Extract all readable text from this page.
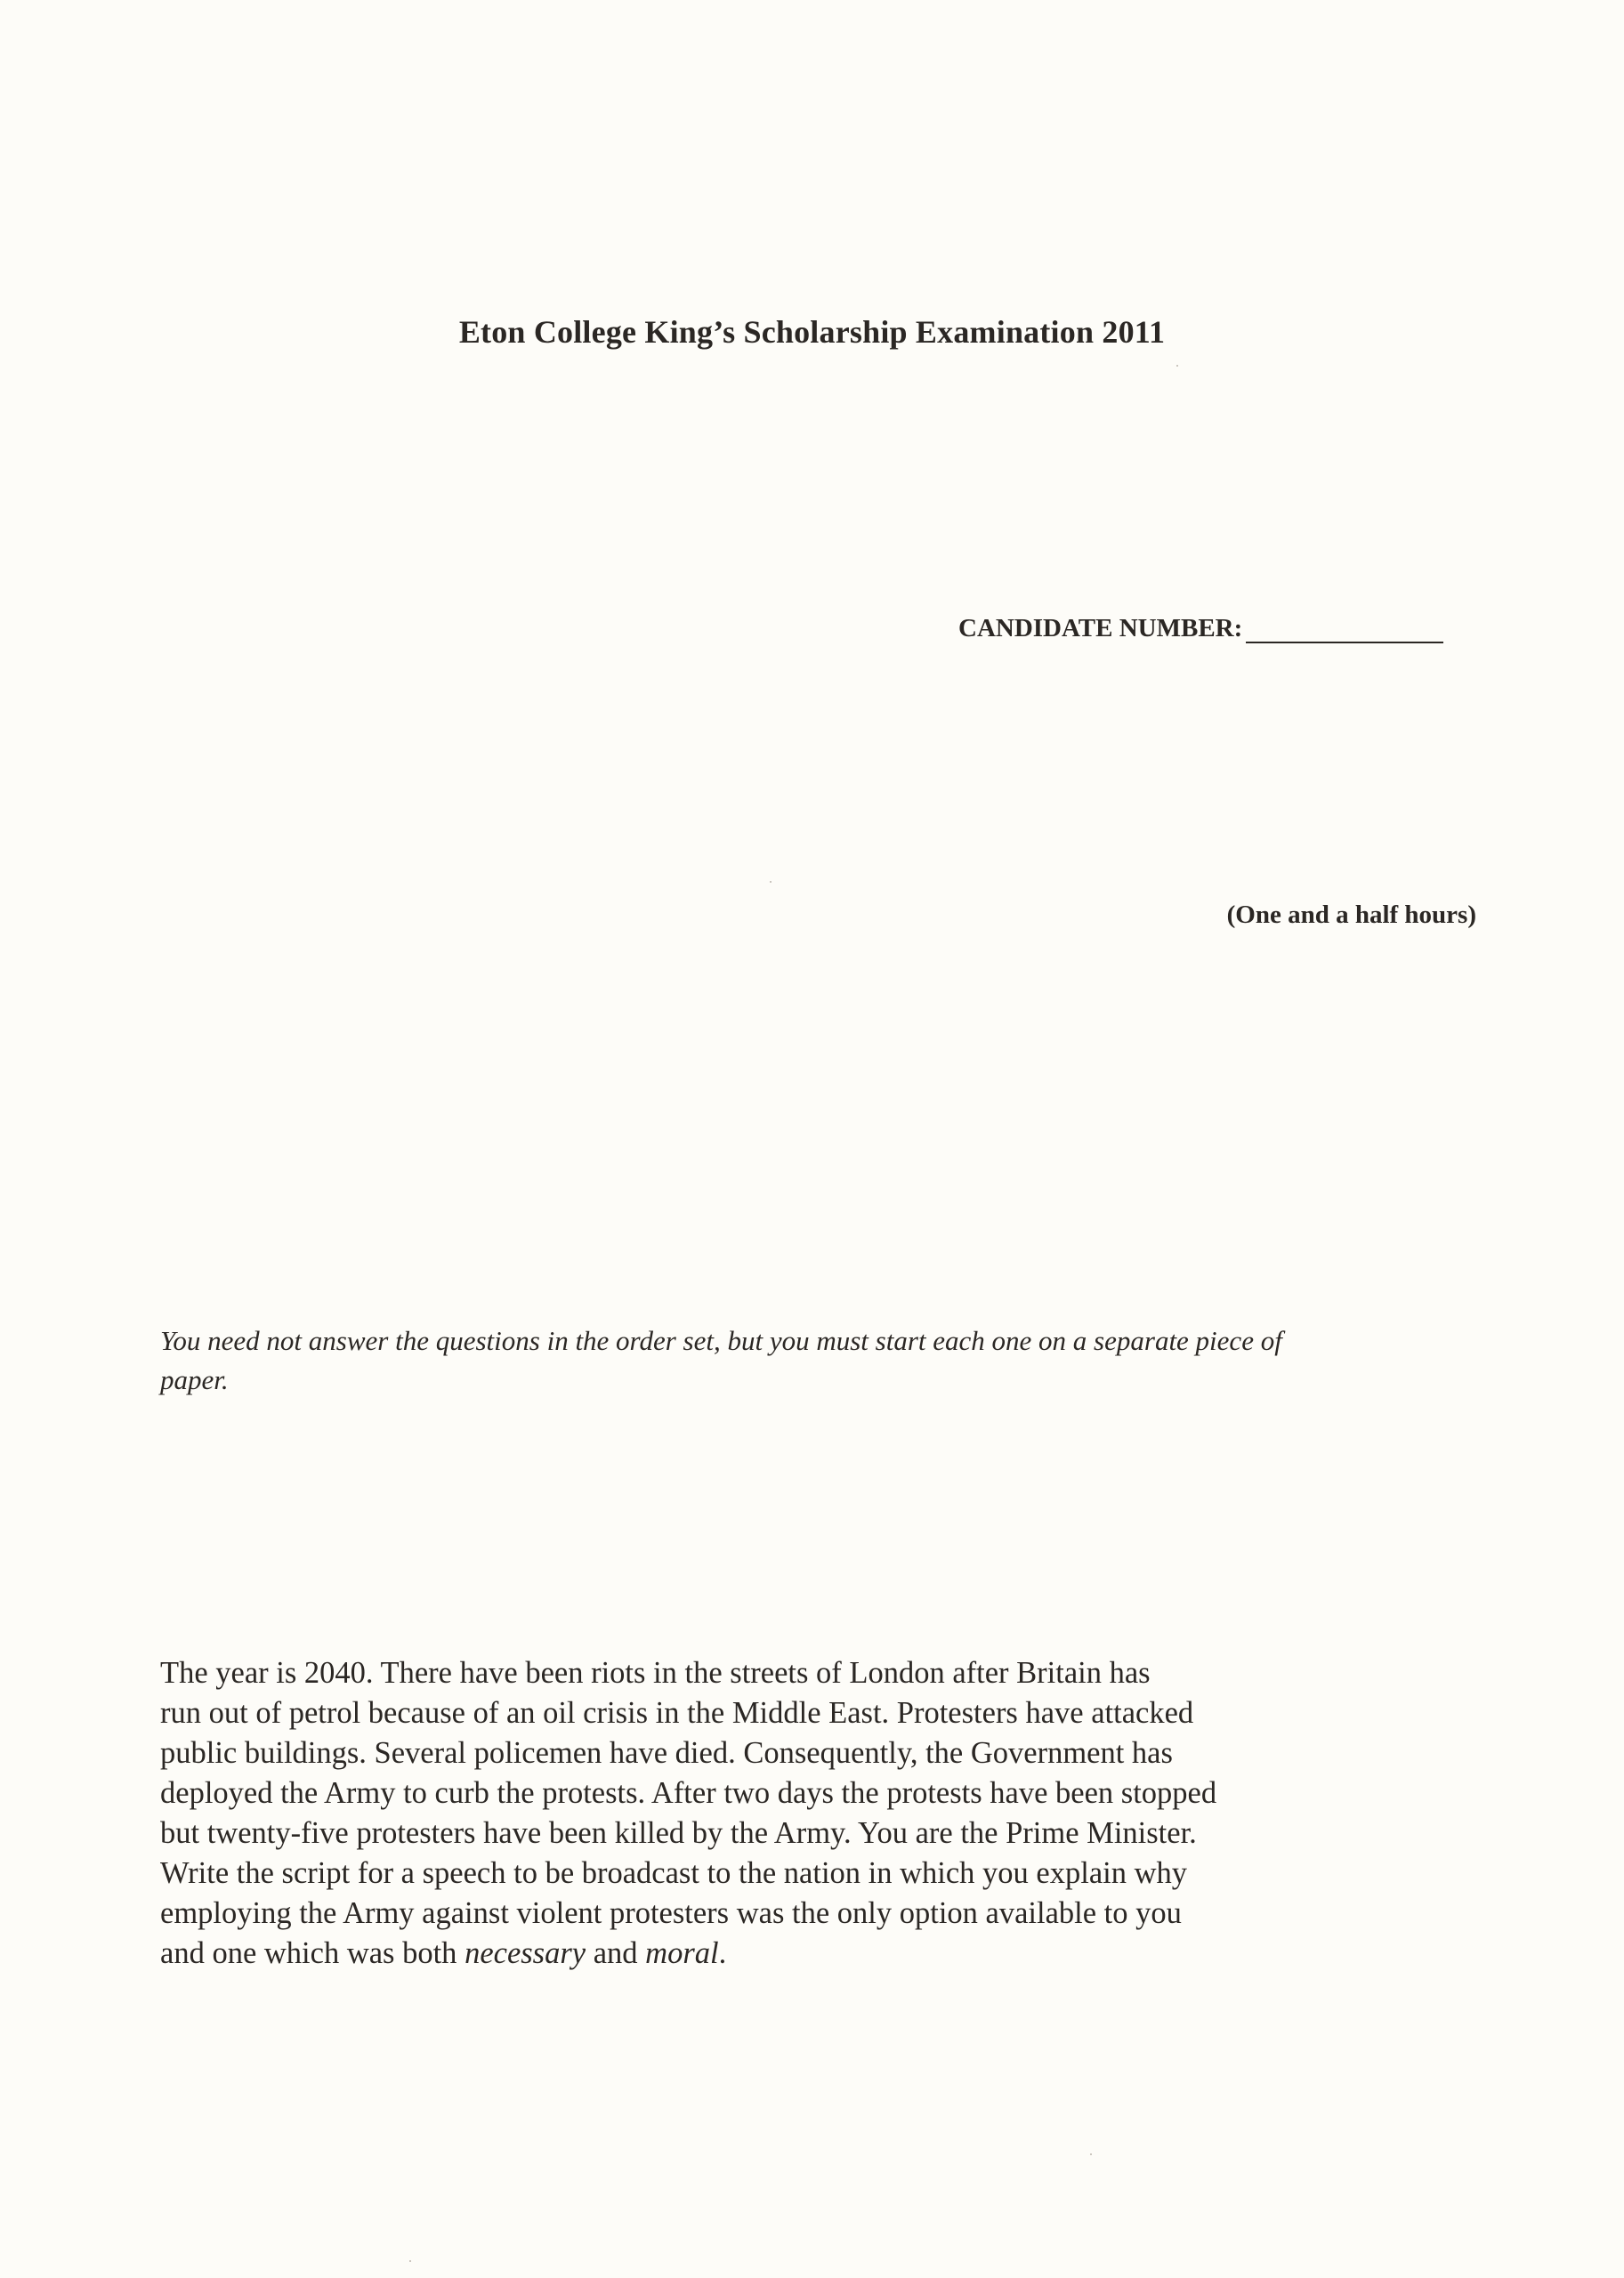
Eton College King’s Scholarship Examination 2011
CANDIDATE NUMBER:
(One and a half hours)
You need not answer the questions in the order set, but you must start each one on a separate piece of paper.
The year is 2040. There have been riots in the streets of London after Britain has
run out of petrol because of an oil crisis in the Middle East. Protesters have attacked
public buildings. Several policemen have died. Consequently, the Government has
deployed the Army to curb the protests. After two days the protests have been stopped
but twenty-five protesters have been killed by the Army. You are the Prime Minister.
Write the script for a speech to be broadcast to the nation in which you explain why
employing the Army against violent protesters was the only option available to you
and one which was both necessary and moral.
